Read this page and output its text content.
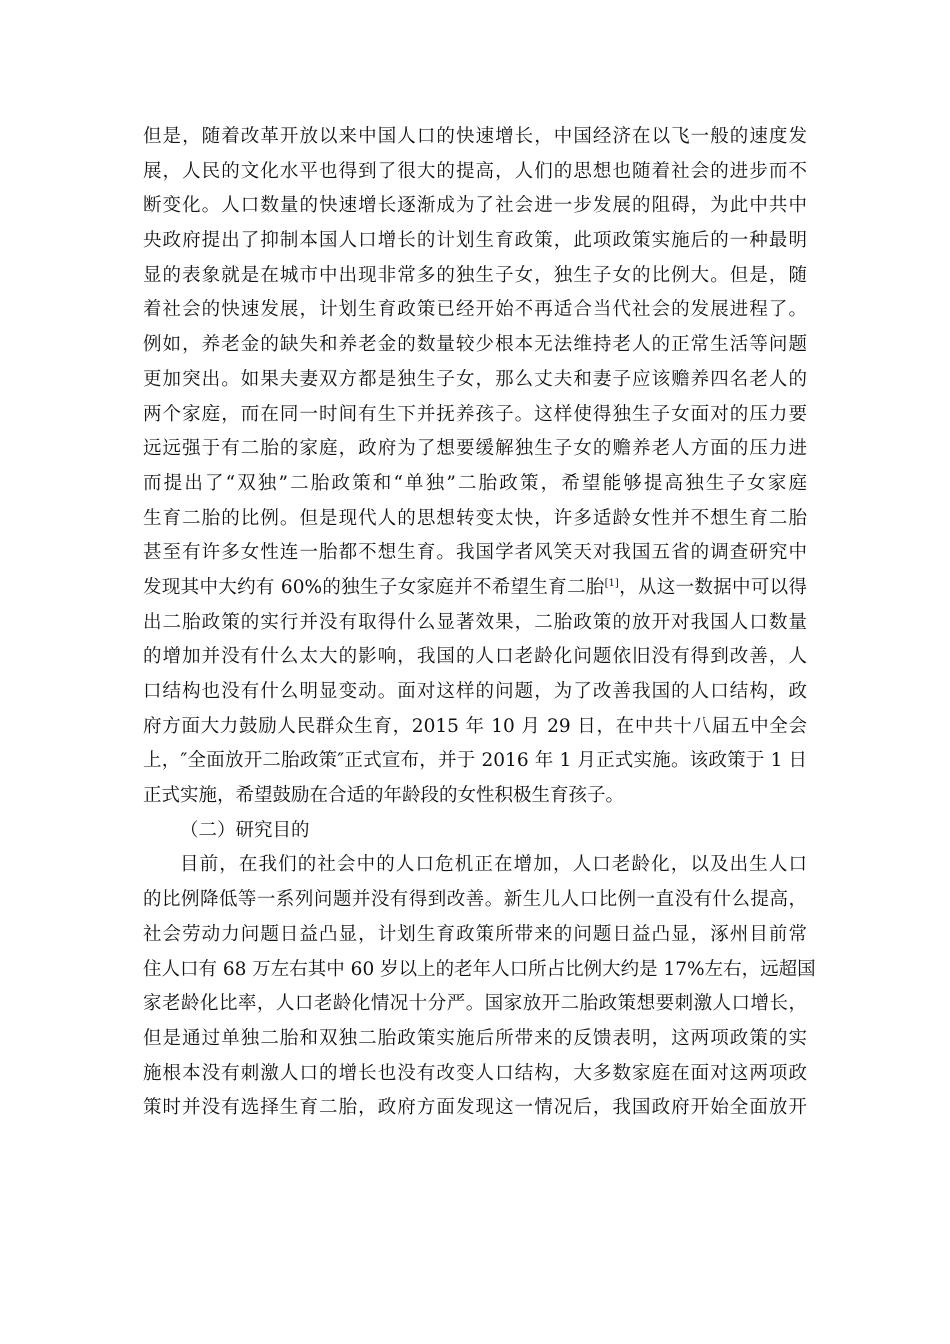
但是，随着改革开放以来中国人口的快速增长，中国经济在以飞一般的速度发
展，人民的文化水平也得到了很大的提高，人们的思想也随着社会的进步而不
断变化。人口数量的快速增长逐渐成为了社会进一步发展的阻碍，为此中共中
央政府提出了抑制本国人口增长的计划生育政策，此项政策实施后的一种最明
显的表象就是在城市中出现非常多的独生子女，独生子女的比例大。但是，随
着社会的快速发展，计划生育政策已经开始不再适合当代社会的发展进程了。
例如，养老金的缺失和养老金的数量较少根本无法维持老人的正常生活等问题
更加突出。如果夫妻双方都是独生子女，那么丈夫和妻子应该赡养四名老人的
两个家庭，而在同一时间有生下并抚养孩子。这样使得独生子女面对的压力要
远远强于有二胎的家庭，政府为了想要缓解独生子女的赡养老人方面的压力进
而提出了“双独”二胎政策和“单独”二胎政策，希望能够提高独生子女家庭
生育二胎的比例。但是现代人的思想转变太快，许多适龄女性并不想生育二胎
甚至有许多女性连一胎都不想生育。我国学者风笑天对我国五省的调查研究中
发现其中大约有 60%的独生子女家庭并不希望生育二胎[1]，从这一数据中可以得
出二胎政策的实行并没有取得什么显著效果，二胎政策的放开对我国人口数量
的增加并没有什么太大的影响，我国的人口老龄化问题依旧没有得到改善，人
口结构也没有什么明显变动。面对这样的问题，为了改善我国的人口结构，政
府方面大力鼓励人民群众生育，2015 年 10 月 29 日，在中共十八届五中全会
上，″全面放开二胎政策″正式宣布，并于 2016 年 1 月正式实施。该政策于 1 日
正式实施，希望鼓励在合适的年龄段的女性积极生育孩子。
（二）研究目的
目前，在我们的社会中的人口危机正在增加，人口老龄化，以及出生人口
的比例降低等一系列问题并没有得到改善。新生儿人口比例一直没有什么提高，
社会劳动力问题日益凸显，计划生育政策所带来的问题日益凸显，涿州目前常
住人口有 68 万左右其中 60 岁以上的老年人口所占比例大约是 17%左右，远超国
家老龄化比率，人口老龄化情况十分严。国家放开二胎政策想要刺激人口增长，
但是通过单独二胎和双独二胎政策实施后所带来的反馈表明，这两项政策的实
施根本没有刺激人口的增长也没有改变人口结构，大多数家庭在面对这两项政
策时并没有选择生育二胎，政府方面发现这一情况后，我国政府开始全面放开
